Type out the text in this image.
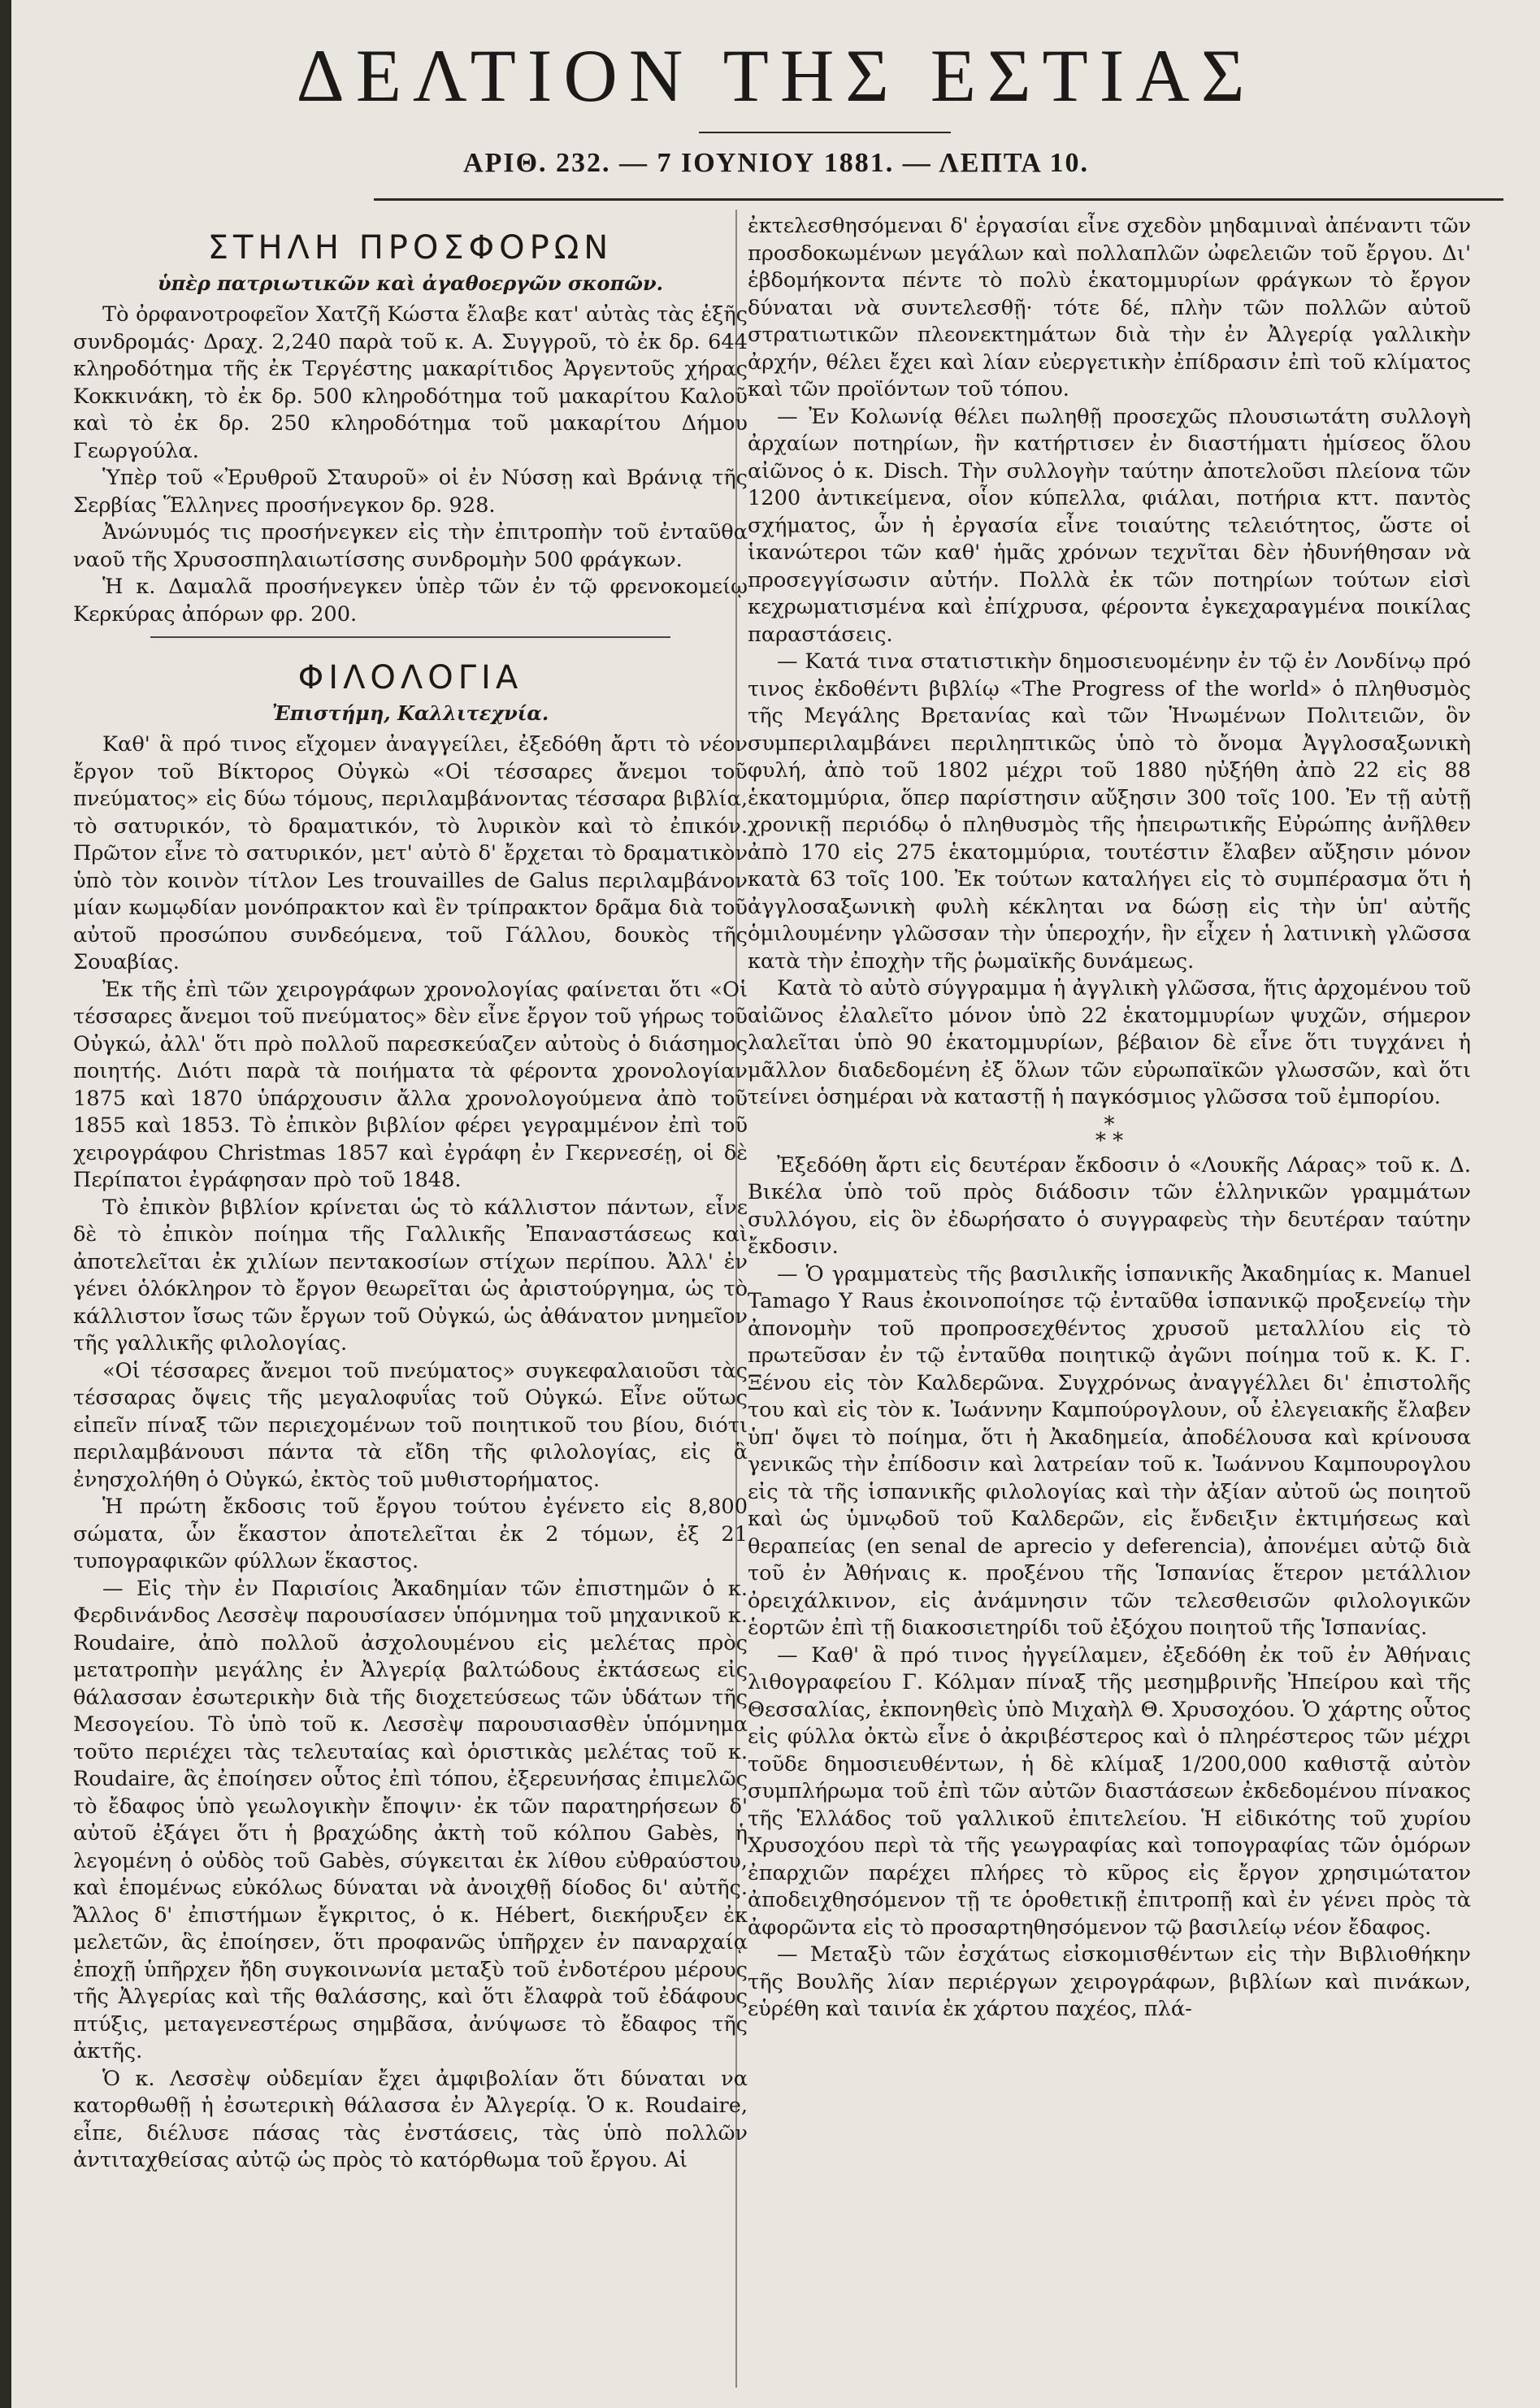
ΔΕΛΤΙΟΝ ΤΗΣ ΕΣΤΙΑΣ
ΑΡΙΘ. 232. — 7 ΙΟΥΝΙΟΥ 1881. — ΛΕΠΤΑ 10.
ΣΤΗΛΗ ΠΡΟΣΦΟΡΩΝ
ὑπὲρ πατριωτικῶν καὶ ἀγαθοεργῶν σκοπῶν.

Τὸ ὀρφανοτροφεῖον Χατζῆ Κώστα ἔλαβε κατ' αὐτὰς τὰς ἑξῆς συνδρομάς· Δραχ. 2,240 παρὰ τοῦ κ. Α. Συγγροῦ, τὸ ἐκ δρ. 644 κληροδότημα τῆς ἐκ Τεργέστης μακαρίτιδος Ἀργεντοῦς χήρας Κοκκινάκη, τὸ ἐκ δρ. 500 κληροδότημα τοῦ μακαρίτου Καλοῦ καὶ τὸ ἐκ δρ. 250 κληροδότημα τοῦ μακαρίτου Δήμου Γεωργούλα.

Ὑπὲρ τοῦ «Ἐρυθροῦ Σταυροῦ» οἱ ἐν Νύσσῃ καὶ Βράνιᾳ τῆς Σερβίας Ἕλληνες προσήνεγκον δρ. 928.

Ἀνώνυμός τις προσήνεγκεν εἰς τὴν ἐπιτροπὴν τοῦ ἐνταῦθα ναοῦ τῆς Χρυσοσπηλαιωτίσσης συνδρομὴν 500 φράγκων.

Ἡ κ. Δαμαλᾶ προσήνεγκεν ὑπὲρ τῶν ἐν τῷ φρενοκομείῳ Κερκύρας ἀπόρων φρ. 200.

ΦΙΛΟΛΟΓΙΑ
Ἐπιστήμη, Καλλιτεχνία.

Καθ' ἃ πρό τινος εἴχομεν ἀναγγείλει, ἐξεδόθη ἄρτι τὸ νέον ἔργον τοῦ Βίκτορος Οὐγκὼ «Οἱ τέσσαρες ἄνεμοι τοῦ πνεύματος» εἰς δύω τόμους, περιλαμβάνοντας τέσσαρα βιβλία, τὸ σατυρικόν, τὸ δραματικόν, τὸ λυρικὸν καὶ τὸ ἐπικόν. Πρῶτον εἶνε τὸ σατυρικόν, μετ' αὐτὸ δ' ἔρχεται τὸ δραματικὸν ὑπὸ τὸν κοινὸν τίτλον Les trouvailles de Galus περιλαμβάνον μίαν κωμῳδίαν μονόπρακτον καὶ ἓν τρίπρακτον δρᾶμα διὰ τοῦ αὐτοῦ προσώπου συνδεόμενα, τοῦ Γάλλου, δουκὸς τῆς Σουαβίας.

Ἐκ τῆς ἐπὶ τῶν χειρογράφων χρονολογίας φαίνεται ὅτι «Οἱ τέσσαρες ἄνεμοι τοῦ πνεύματος» δὲν εἶνε ἔργον τοῦ γήρως τοῦ Οὐγκώ, ἀλλ' ὅτι πρὸ πολλοῦ παρεσκεύαζεν αὐτοὺς ὁ διάσημος ποιητής. Διότι παρὰ τὰ ποιήματα τὰ φέροντα χρονολογίαν 1875 καὶ 1870 ὑπάρχουσιν ἄλλα χρονολογούμενα ἀπὸ τοῦ 1855 καὶ 1853. Τὸ ἐπικὸν βιβλίον φέρει γεγραμμένον ἐπὶ τοῦ χειρογράφου Christmas 1857 καὶ ἐγράφη ἐν Γκερνεσέῃ, οἱ δὲ Περίπατοι ἐγράφησαν πρὸ τοῦ 1848.

Τὸ ἐπικὸν βιβλίον κρίνεται ὡς τὸ κάλλιστον πάντων, εἶνε δὲ τὸ ἐπικὸν ποίημα τῆς Γαλλικῆς Ἐπαναστάσεως καὶ ἀποτελεῖται ἐκ χιλίων πεντακοσίων στίχων περίπου. Ἀλλ' ἐν γένει ὁλόκληρον τὸ ἔργον θεωρεῖται ὡς ἀριστούργημα, ὡς τὸ κάλλιστον ἴσως τῶν ἔργων τοῦ Οὐγκώ, ὡς ἀθάνατον μνημεῖον τῆς γαλλικῆς φιλολογίας.

«Οἱ τέσσαρες ἄνεμοι τοῦ πνεύματος» συγκεφαλαιοῦσι τὰς τέσσαρας ὄψεις τῆς μεγαλοφυΐας τοῦ Οὐγκώ. Εἶνε οὕτως εἰπεῖν πίναξ τῶν περιεχομένων τοῦ ποιητικοῦ του βίου, διότι περιλαμβάνουσι πάντα τὰ εἴδη τῆς φιλολογίας, εἰς ἃ ἐνησχολήθη ὁ Οὐγκώ, ἐκτὸς τοῦ μυθιστορήματος.

Ἡ πρώτη ἔκδοσις τοῦ ἔργου τούτου ἐγένετο εἰς 8,800 σώματα, ὧν ἕκαστον ἀποτελεῖται ἐκ 2 τόμων, ἐξ 21 τυπογραφικῶν φύλλων ἕκαστος.

— Εἰς τὴν ἐν Παρισίοις Ἀκαδημίαν τῶν ἐπιστημῶν ὁ κ. Φερδινάνδος Λεσσὲψ παρουσίασεν ὑπόμνημα τοῦ μηχανικοῦ κ. Roudaire, ἀπὸ πολλοῦ ἀσχολουμένου εἰς μελέτας πρὸς μετατροπὴν μεγάλης ἐν Ἀλγερίᾳ βαλτώδους ἐκτάσεως εἰς θάλασσαν ἐσωτερικὴν διὰ τῆς διοχετεύσεως τῶν ὑδάτων τῆς Μεσογείου. Τὸ ὑπὸ τοῦ κ. Λεσσὲψ παρουσιασθὲν ὑπόμνημα τοῦτο περιέχει τὰς τελευταίας καὶ ὁριστικὰς μελέτας τοῦ κ. Roudaire, ἃς ἐποίησεν οὗτος ἐπὶ τόπου, ἐξερευνήσας ἐπιμελῶς τὸ ἔδαφος ὑπὸ γεωλογικὴν ἔποψιν· ἐκ τῶν παρατηρήσεων δ' αὐτοῦ ἐξάγει ὅτι ἡ βραχώδης ἀκτὴ τοῦ κόλπου Gabès, ἡ λεγομένη ὁ οὐδὸς τοῦ Gabès, σύγκειται ἐκ λίθου εὐθραύστου, καὶ ἑπομένως εὐκόλως δύναται νὰ ἀνοιχθῇ δίοδος δι' αὐτῆς. Ἄλλος δ' ἐπιστήμων ἔγκριτος, ὁ κ. Hébert, διεκήρυξεν ἐκ μελετῶν, ἃς ἐποίησεν, ὅτι προφανῶς ὑπῆρχεν ἐν παναρχαίᾳ ἐποχῇ ὑπῆρχεν ἤδη συγκοινωνία μεταξὺ τοῦ ἐνδοτέρου μέρους τῆς Ἀλγερίας καὶ τῆς θαλάσσης, καὶ ὅτι ἔλαφρὰ τοῦ ἐδάφους πτύξις, μεταγενεστέρως σημβᾶσα, ἀνύψωσε τὸ ἔδαφος τῆς ἀκτῆς.

Ὁ κ. Λεσσὲψ οὐδεμίαν ἔχει ἀμφιβολίαν ὅτι δύναται να κατορθωθῇ ἡ ἐσωτερικὴ θάλασσα ἐν Ἀλγερίᾳ. Ὁ κ. Roudaire, εἶπε, διέλυσε πάσας τὰς ἐνστάσεις, τὰς ὑπὸ πολλῶν ἀντιταχθείσας αὐτῷ ὡς πρὸς τὸ κατόρθωμα τοῦ ἔργου. Αἱ

ἐκτελεσθησόμεναι δ' ἐργασίαι εἶνε σχεδὸν μηδαμιναὶ ἀπέναντι τῶν προσδοκωμένων μεγάλων καὶ πολλαπλῶν ὠφελειῶν τοῦ ἔργου. Δι' ἑβδομήκοντα πέντε τὸ πολὺ ἑκατομμυρίων φράγκων τὸ ἔργον δύναται νὰ συντελεσθῇ· τότε δέ, πλὴν τῶν πολλῶν αὐτοῦ στρατιωτικῶν πλεονεκτημάτων διὰ τὴν ἐν Ἀλγερίᾳ γαλλικὴν ἀρχήν, θέλει ἔχει καὶ λίαν εὐεργετικὴν ἐπίδρασιν ἐπὶ τοῦ κλίματος καὶ τῶν προϊόντων τοῦ τόπου.

— Ἐν Κολωνίᾳ θέλει πωληθῇ προσεχῶς πλουσιωτάτη συλλογὴ ἀρχαίων ποτηρίων, ἣν κατήρτισεν ἐν διαστήματι ἡμίσεος ὅλου αἰῶνος ὁ κ. Disch. Τὴν συλλογὴν ταύτην ἀποτελοῦσι πλείονα τῶν 1200 ἀντικείμενα, οἷον κύπελλα, φιάλαι, ποτήρια κττ. παντὸς σχήματος, ὧν ἡ ἐργασία εἶνε τοιαύτης τελειότητος, ὥστε οἱ ἱκανώτεροι τῶν καθ' ἡμᾶς χρόνων τεχνῖται δὲν ἠδυνήθησαν νὰ προσεγγίσωσιν αὐτήν. Πολλὰ ἐκ τῶν ποτηρίων τούτων εἰσὶ κεχρωματισμένα καὶ ἐπίχρυσα, φέροντα ἐγκεχαραγμένα ποικίλας παραστάσεις.

— Κατά τινα στατιστικὴν δημοσιευομένην ἐν τῷ ἐν Λονδίνῳ πρό τινος ἐκδοθέντι βιβλίῳ «The Progress of the world» ὁ πληθυσμὸς τῆς Μεγάλης Βρετανίας καὶ τῶν Ἡνωμένων Πολιτειῶν, ὃν συμπεριλαμβάνει περιληπτικῶς ὑπὸ τὸ ὄνομα Ἀγγλοσαξωνικὴ φυλή, ἀπὸ τοῦ 1802 μέχρι τοῦ 1880 ηὐξήθη ἀπὸ 22 εἰς 88 ἑκατομμύρια, ὅπερ παρίστησιν αὔξησιν 300 τοῖς 100. Ἐν τῇ αὐτῇ χρονικῇ περιόδῳ ὁ πληθυσμὸς τῆς ἠπειρωτικῆς Εὐρώπης ἀνῆλθεν ἀπὸ 170 εἰς 275 ἑκατομμύρια, τουτέστιν ἔλαβεν αὔξησιν μόνον κατὰ 63 τοῖς 100. Ἐκ τούτων καταλήγει εἰς τὸ συμπέρασμα ὅτι ἡ ἀγγλοσαξωνικὴ φυλὴ κέκληται να δώσῃ εἰς τὴν ὑπ' αὐτῆς ὁμιλουμένην γλῶσσαν τὴν ὑπεροχήν, ἣν εἶχεν ἡ λατινικὴ γλῶσσα κατὰ τὴν ἐποχὴν τῆς ῥωμαϊκῆς δυνάμεως.

Κατὰ τὸ αὐτὸ σύγγραμμα ἡ ἀγγλικὴ γλῶσσα, ἥτις ἀρχομένου τοῦ αἰῶνος ἐλαλεῖτο μόνον ὑπὸ 22 ἑκατομμυρίων ψυχῶν, σήμερον λαλεῖται ὑπὸ 90 ἑκατομμυρίων, βέβαιον δὲ εἶνε ὅτι τυγχάνει ἡ μᾶλλον διαδεδομένη ἐξ ὅλων τῶν εὐρωπαϊκῶν γλωσσῶν, καὶ ὅτι τείνει ὁσημέραι νὰ καταστῇ ἡ παγκόσμιος γλῶσσα τοῦ ἐμπορίου.

*
* *

Ἐξεδόθη ἄρτι εἰς δευτέραν ἔκδοσιν ὁ «Λουκῆς Λάρας» τοῦ κ. Δ. Βικέλα ὑπὸ τοῦ πρὸς διάδοσιν τῶν ἑλληνικῶν γραμμάτων συλλόγου, εἰς ὃν ἐδωρήσατο ὁ συγγραφεὺς τὴν δευτέραν ταύτην ἔκδοσιν.

— Ὁ γραμματεὺς τῆς βασιλικῆς ἱσπανικῆς Ἀκαδημίας κ. Manuel Tamago Y Raus ἐκοινοποίησε τῷ ἐνταῦθα ἱσπανικῷ προξενείῳ τὴν ἀπονομὴν τοῦ προπροσεχθέντος χρυσοῦ μεταλλίου εἰς τὸ πρωτεῦσαν ἐν τῷ ἐνταῦθα ποιητικῷ ἀγῶνι ποίημα τοῦ κ. Κ. Γ. Ξένου εἰς τὸν Καλδερῶνα. Συγχρόνως ἀναγγέλλει δι' ἐπιστολῆς του καὶ εἰς τὸν κ. Ἰωάννην Καμπούρογλουν, οὗ ἐλεγειακῆς ἔλαβεν ὑπ' ὄψει τὸ ποίημα, ὅτι ἡ Ἀκαδημεία, ἀποδέλουσα καὶ κρίνουσα γενικῶς τὴν ἐπίδοσιν καὶ λατρείαν τοῦ κ. Ἰωάννου Καμπουρογλου εἰς τὰ τῆς ἱσπανικῆς φιλολογίας καὶ τὴν ἀξίαν αὐτοῦ ὡς ποιητοῦ καὶ ὡς ὑμνῳδοῦ τοῦ Καλδερῶν, εἰς ἔνδειξιν ἐκτιμήσεως καὶ θεραπείας (en senal de aprecio y deferencia), ἀπονέμει αὐτῷ διὰ τοῦ ἐν Ἀθήναις κ. προξένου τῆς Ἱσπανίας ἕτερον μετάλλιον ὀρειχάλκινον, εἰς ἀνάμνησιν τῶν τελεσθεισῶν φιλολογικῶν ἑορτῶν ἐπὶ τῇ διακοσιετηρίδι τοῦ ἐξόχου ποιητοῦ τῆς Ἱσπανίας.

— Καθ' ἃ πρό τινος ἠγγείλαμεν, ἐξεδόθη ἐκ τοῦ ἐν Ἀθήναις λιθογραφείου Γ. Κόλμαν πίναξ τῆς μεσημβρινῆς Ἠπείρου καὶ τῆς Θεσσαλίας, ἐκπονηθεὶς ὑπὸ Μιχαὴλ Θ. Χρυσοχόου. Ὁ χάρτης οὗτος εἰς φύλλα ὀκτὼ εἶνε ὁ ἀκριβέστερος καὶ ὁ πληρέστερος τῶν μέχρι τοῦδε δημοσιευθέντων, ἡ δὲ κλίμαξ 1/200,000 καθιστᾷ αὐτὸν συμπλήρωμα τοῦ ἐπὶ τῶν αὐτῶν διαστάσεων ἐκδεδομένου πίνακος τῆς Ἑλλάδος τοῦ γαλλικοῦ ἐπιτελείου. Ἡ εἰδικότης τοῦ χυρίου Χρυσοχόου περὶ τὰ τῆς γεωγραφίας καὶ τοπογραφίας τῶν ὁμόρων ἐπαρχιῶν παρέχει πλήρες τὸ κῦρος εἰς ἔργον χρησιμώτατον ἀποδειχθησόμενον τῇ τε ὁροθετικῇ ἐπιτροπῇ καὶ ἐν γένει πρὸς τὰ ἀφορῶντα εἰς τὸ προσαρτηθησόμενον τῷ βασιλείῳ νέον ἔδαφος.

— Μεταξὺ τῶν ἐσχάτως εἰσκομισθέντων εἰς τὴν Βιβλιοθήκην τῆς Βουλῆς λίαν περιέργων χειρογράφων, βιβλίων καὶ πινάκων, εὑρέθη καὶ ταινία ἐκ χάρτου παχέος, πλά-
